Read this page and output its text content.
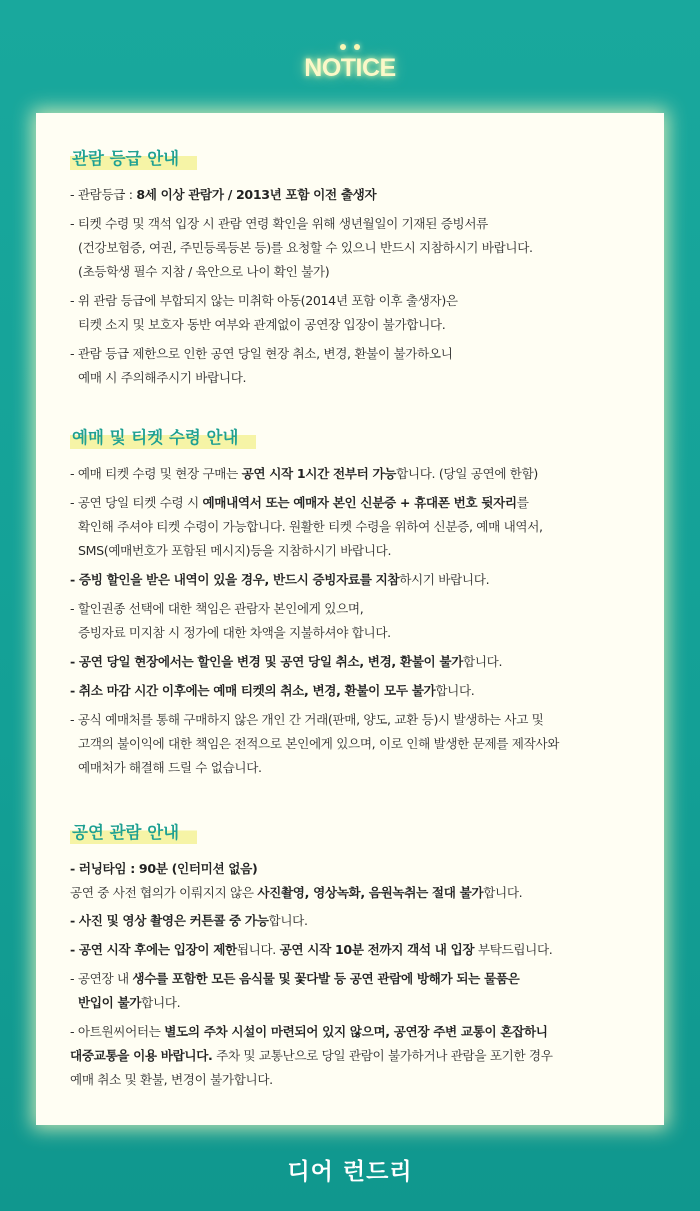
NOTICE
관람 등급 안내
- 관람등급 : 8세 이상 관람가 / 2013년 포함 이전 출생자
- 티켓 수령 및 객석 입장 시 관람 연령 확인을 위해 생년월일이 기재된 증빙서류
(건강보험증, 여권, 주민등록등본 등)를 요청할 수 있으니 반드시 지참하시기 바랍니다.
(초등학생 필수 지참 / 육안으로 나이 확인 불가)
- 위 관람 등급에 부합되지 않는 미취학 아동(2014년 포함 이후 출생자)은
티켓 소지 및 보호자 동반 여부와 관계없이 공연장 입장이 불가합니다.
- 관람 등급 제한으로 인한 공연 당일 현장 취소, 변경, 환불이 불가하오니
예매 시 주의해주시기 바랍니다.
예매 및 티켓 수령 안내
- 예매 티켓 수령 및 현장 구매는 공연 시작 1시간 전부터 가능합니다. (당일 공연에 한함)
- 공연 당일 티켓 수령 시 예매내역서 또는 예매자 본인 신분증 + 휴대폰 번호 뒷자리를
확인해 주셔야 티켓 수령이 가능합니다. 원활한 티켓 수령을 위하여 신분증, 예매 내역서,
SMS(예매번호가 포함된 메시지)등을 지참하시기 바랍니다.
- 증빙 할인을 받은 내역이 있을 경우, 반드시 증빙자료를 지참하시기 바랍니다.
- 할인권종 선택에 대한 책임은 관람자 본인에게 있으며,
증빙자료 미지참 시 정가에 대한 차액을 지불하셔야 합니다.
- 공연 당일 현장에서는 할인을 변경 및 공연 당일 취소, 변경, 환불이 불가합니다.
- 취소 마감 시간 이후에는 예매 티켓의 취소, 변경, 환불이 모두 불가합니다.
- 공식 예매처를 통해 구매하지 않은 개인 간 거래(판매, 양도, 교환 등)시 발생하는 사고 및
고객의 불이익에 대한 책임은 전적으로 본인에게 있으며, 이로 인해 발생한 문제를 제작사와
예매처가 해결해 드릴 수 없습니다.
공연 관람 안내
- 러닝타임 : 90분 (인터미션 없음)
공연 중 사전 협의가 이뤄지지 않은 사진촬영, 영상녹화, 음원녹취는 절대 불가합니다.
- 사진 및 영상 촬영은 커튼콜 중 가능합니다.
- 공연 시작 후에는 입장이 제한됩니다. 공연 시작 10분 전까지 객석 내 입장 부탁드립니다.
- 공연장 내 생수를 포함한 모든 음식물 및 꽃다발 등 공연 관람에 방해가 되는 물품은
반입이 불가합니다.
- 아트원씨어터는 별도의 주차 시설이 마련되어 있지 않으며, 공연장 주변 교통이 혼잡하니
대중교통을 이용 바랍니다. 주차 및 교통난으로 당일 관람이 불가하거나 관람을 포기한 경우
예매 취소 및 환불, 변경이 불가합니다.
디어 런드리
